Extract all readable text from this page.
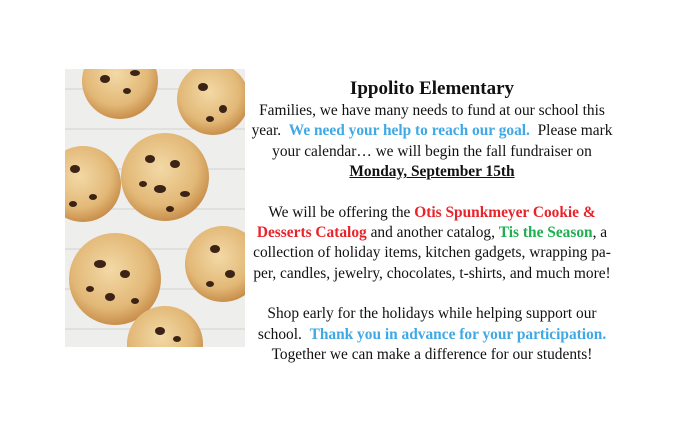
Ippolito Elementary

Families, we have many needs to fund at our school this
year. We need your help to reach our goal. Please mark
your calendar… we will begin the fall fundraiser on
Monday, September 15th

We will be offering the Otis Spunkmeyer Cookie &
Desserts Catalog and another catalog, Tis the Season, a
collection of holiday items, kitchen gadgets, wrapping pa-
per, candles, jewelry, chocolates, t-shirts, and much more!

Shop early for the holidays while helping support our
school. Thank you in advance for your participation.
Together we can make a difference for our students!
